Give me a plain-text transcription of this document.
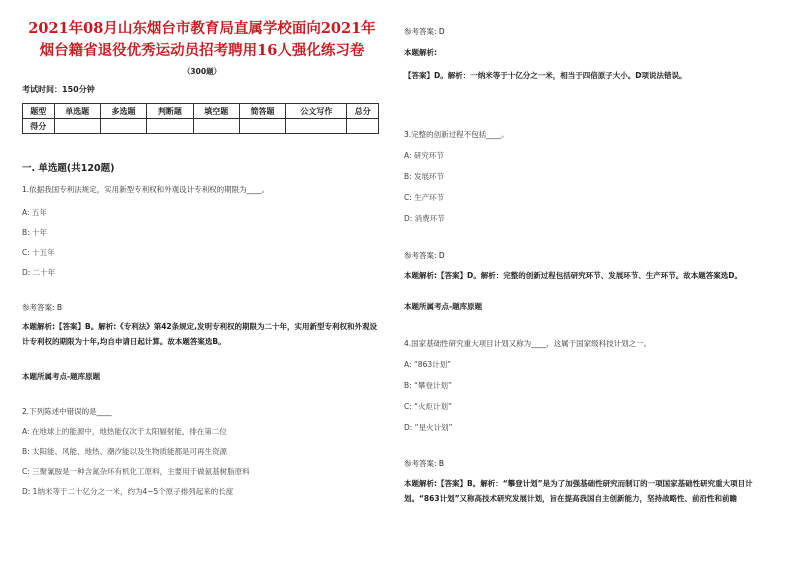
2021年08月山东烟台市教育局直属学校面向2021年烟台籍省退役优秀运动员招考聘用16人强化练习卷
（300题）
考试时间：150分钟
题型	单选题	多选题	判断题	填空题	简答题	公文写作	总分
得分							
一. 单选题(共120题)
1.依据我国专利法规定，实用新型专利权和外观设计专利权的期限为____。
A: 五年
B: 十年
C: 十五年
D: 二十年
参考答案: B
本题解析:【答案】B。解析:《专利法》第42条规定,发明专利权的期限为二十年，实用新型专利权和外观设计专利权的期限为十年,均自申请日起计算。故本题答案选B。
本题所属考点-题库原题
2.下列陈述中错误的是____
A: 在地球上的能源中，地热能仅次于太阳辐射能，排在第二位
B: 太阳能、风能、地热、潮汐能以及生物质能都是可再生资源
C: 三聚氰胺是一种含氮杂环有机化工原料，主要用于做氨基树脂原料
D: 1纳米等于二十亿分之一米，约为4~5个原子排列起来的长度
参考答案: D
本题解析:
【答案】D。解析：一纳米等于十亿分之一米，相当于四倍原子大小。D项说法错误。
3.完整的创新过程不包括____。
A: 研究环节
B: 发展环节
C: 生产环节
D: 消费环节
参考答案: D
本题解析:【答案】D。解析：完整的创新过程包括研究环节、发展环节、生产环节。故本题答案选D。
本题所属考点-题库原题
4.国家基础性研究重大项目计划又称为____，这属于国家级科技计划之一。
A: “863计划”
B: “攀登计划”
C: “火炬计划”
D: “星火计划”
参考答案: B
本题解析:【答案】B。解析：“攀登计划”是为了加强基础性研究而制订的一项国家基础性研究重大项目计划。“863计划”又称高技术研究发展计划，旨在提高我国自主创新能力，坚持战略性、前沿性和前瞻
